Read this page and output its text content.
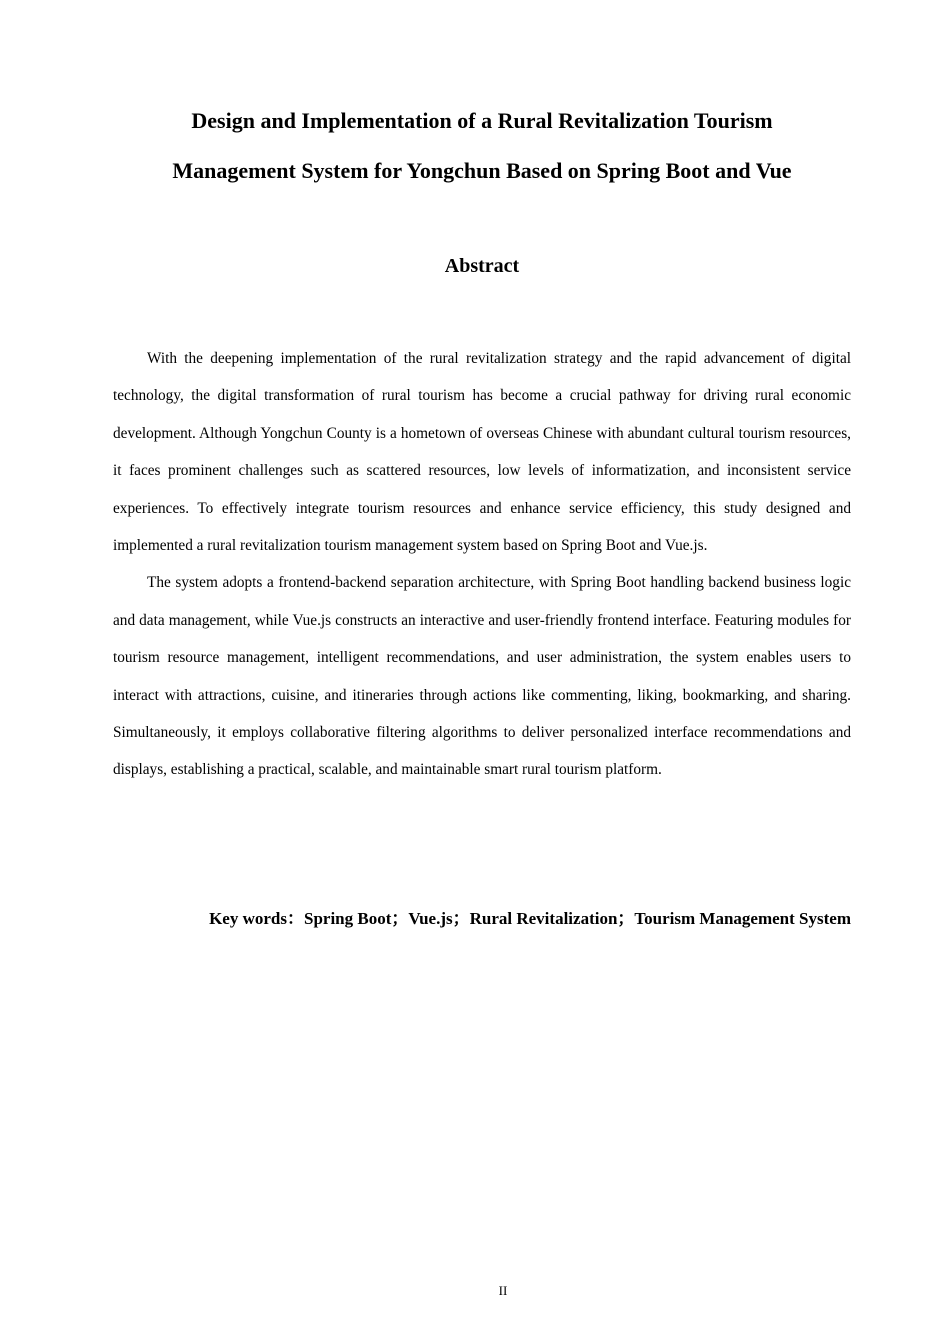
Design and Implementation of a Rural Revitalization Tourism
Management System for Yongchun Based on Spring Boot and Vue
Abstract

With the deepening implementation of the rural revitalization strategy and the rapid advancement of digital technology, the digital transformation of rural tourism has become a crucial pathway for driving rural economic development. Although Yongchun County is a hometown of overseas Chinese with abundant cultural tourism resources, it faces prominent challenges such as scattered resources, low levels of informatization, and inconsistent service experiences. To effectively integrate tourism resources and enhance service efficiency, this study designed and implemented a rural revitalization tourism management system based on Spring Boot and Vue.js.

The system adopts a frontend-backend separation architecture, with Spring Boot handling backend business logic and data management, while Vue.js constructs an interactive and user-friendly frontend interface. Featuring modules for tourism resource management, intelligent recommendations, and user administration, the system enables users to interact with attractions, cuisine, and itineraries through actions like commenting, liking, bookmarking, and sharing. Simultaneously, it employs collaborative filtering algorithms to deliver personalized interface recommendations and displays, establishing a practical, scalable, and maintainable smart rural tourism platform.

Key words：Spring Boot；Vue.js；Rural Revitalization；Tourism Management System
II
